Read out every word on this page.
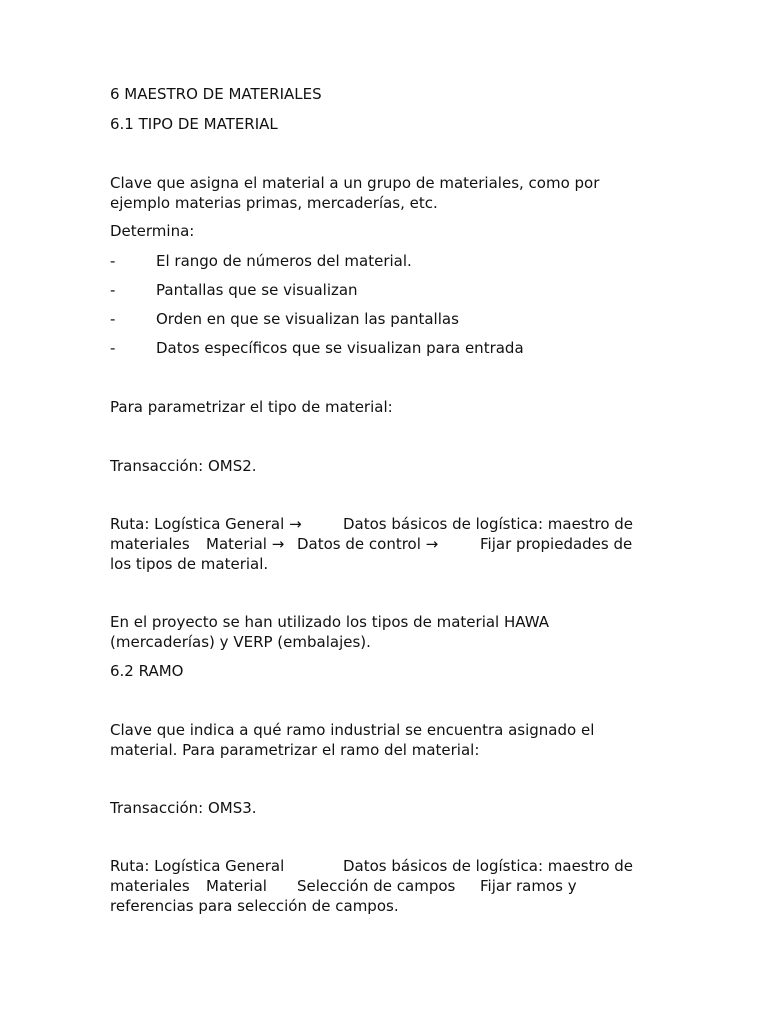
6 MAESTRO DE MATERIALES
6.1 TIPO DE MATERIAL
Clave que asigna el material a un grupo de materiales, como por ejemplo materias primas, mercaderías, etc.
Determina:
-	El rango de números del material.
-	Pantallas que se visualizan
-	Orden en que se visualizan las pantallas
-	Datos específicos que se visualizan para entrada
Para parametrizar el tipo de material:
Transacción: OMS2.
Ruta: Logística General →	Datos básicos de logística: maestro de
materiales Material → Datos de control →	Fijar propiedades de
los tipos de material.
En el proyecto se han utilizado los tipos de material HAWA (mercaderías) y VERP (embalajes).
6.2 RAMO
Clave que indica a qué ramo industrial se encuentra asignado el material. Para parametrizar el ramo del material:
Transacción: OMS3.
Ruta: Logística General	Datos básicos de logística: maestro de
materiales Material Selección de campos Fijar ramos y
referencias para selección de campos.
